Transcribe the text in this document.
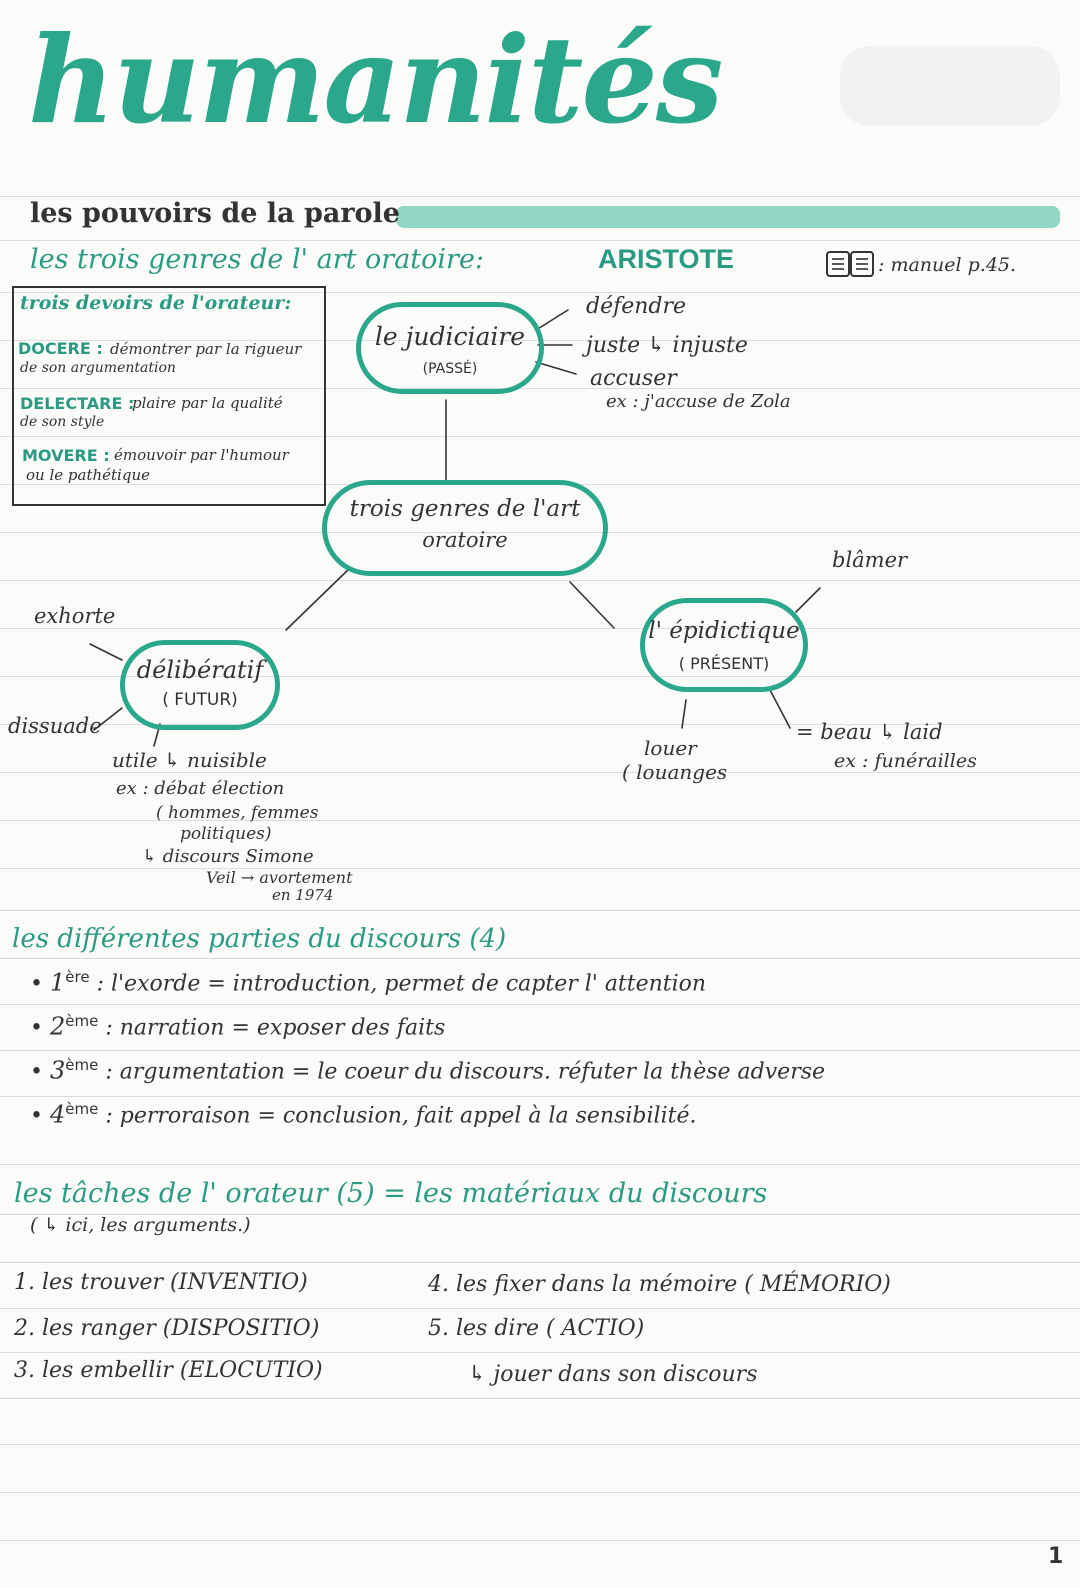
humanités
les pouvoirs de la parole
les trois genres de l' art oratoire:	ARISTOTE	: manuel p.45.
trois devoirs de l'orateur:
DOCERE : démontrer par la rigueur
de son argumentation
DELECTARE :
plaire par la qualité
de son style
MOVERE : émouvoir par l'humour
ou le pathétique
le judiciaire
(PASSÉ)
défendre
juste ↳ injuste
accuser
ex : j'accuse de Zola
trois genres de l'art
oratoire
délibératif
( FUTUR)
exhorte
dissuade
utile ↳ nuisible
ex : débat élection
( hommes, femmes
politiques)
↳ discours Simone
Veil → avortement
en 1974
l' épidictique
( PRÉSENT)
blâmer
louer
( louanges
= beau ↳ laid
ex : funérailles
les différentes parties du discours (4)
• 1ère : l'exorde = introduction, permet de capter l' attention
• 2ème : narration = exposer des faits
• 3ème : argumentation = le coeur du discours. réfuter la thèse adverse
• 4ème : perroraison = conclusion, fait appel à la sensibilité.
les tâches de l' orateur (5) = les matériaux du discours
( ↳ ici, les arguments.)
1. les trouver (INVENTIO)
2. les ranger (DISPOSITIO)
3. les embellir (ELOCUTIO)
4. les fixer dans la mémoire ( MÉMORIO)
5. les dire ( ACTIO)
↳ jouer dans son discours
1
